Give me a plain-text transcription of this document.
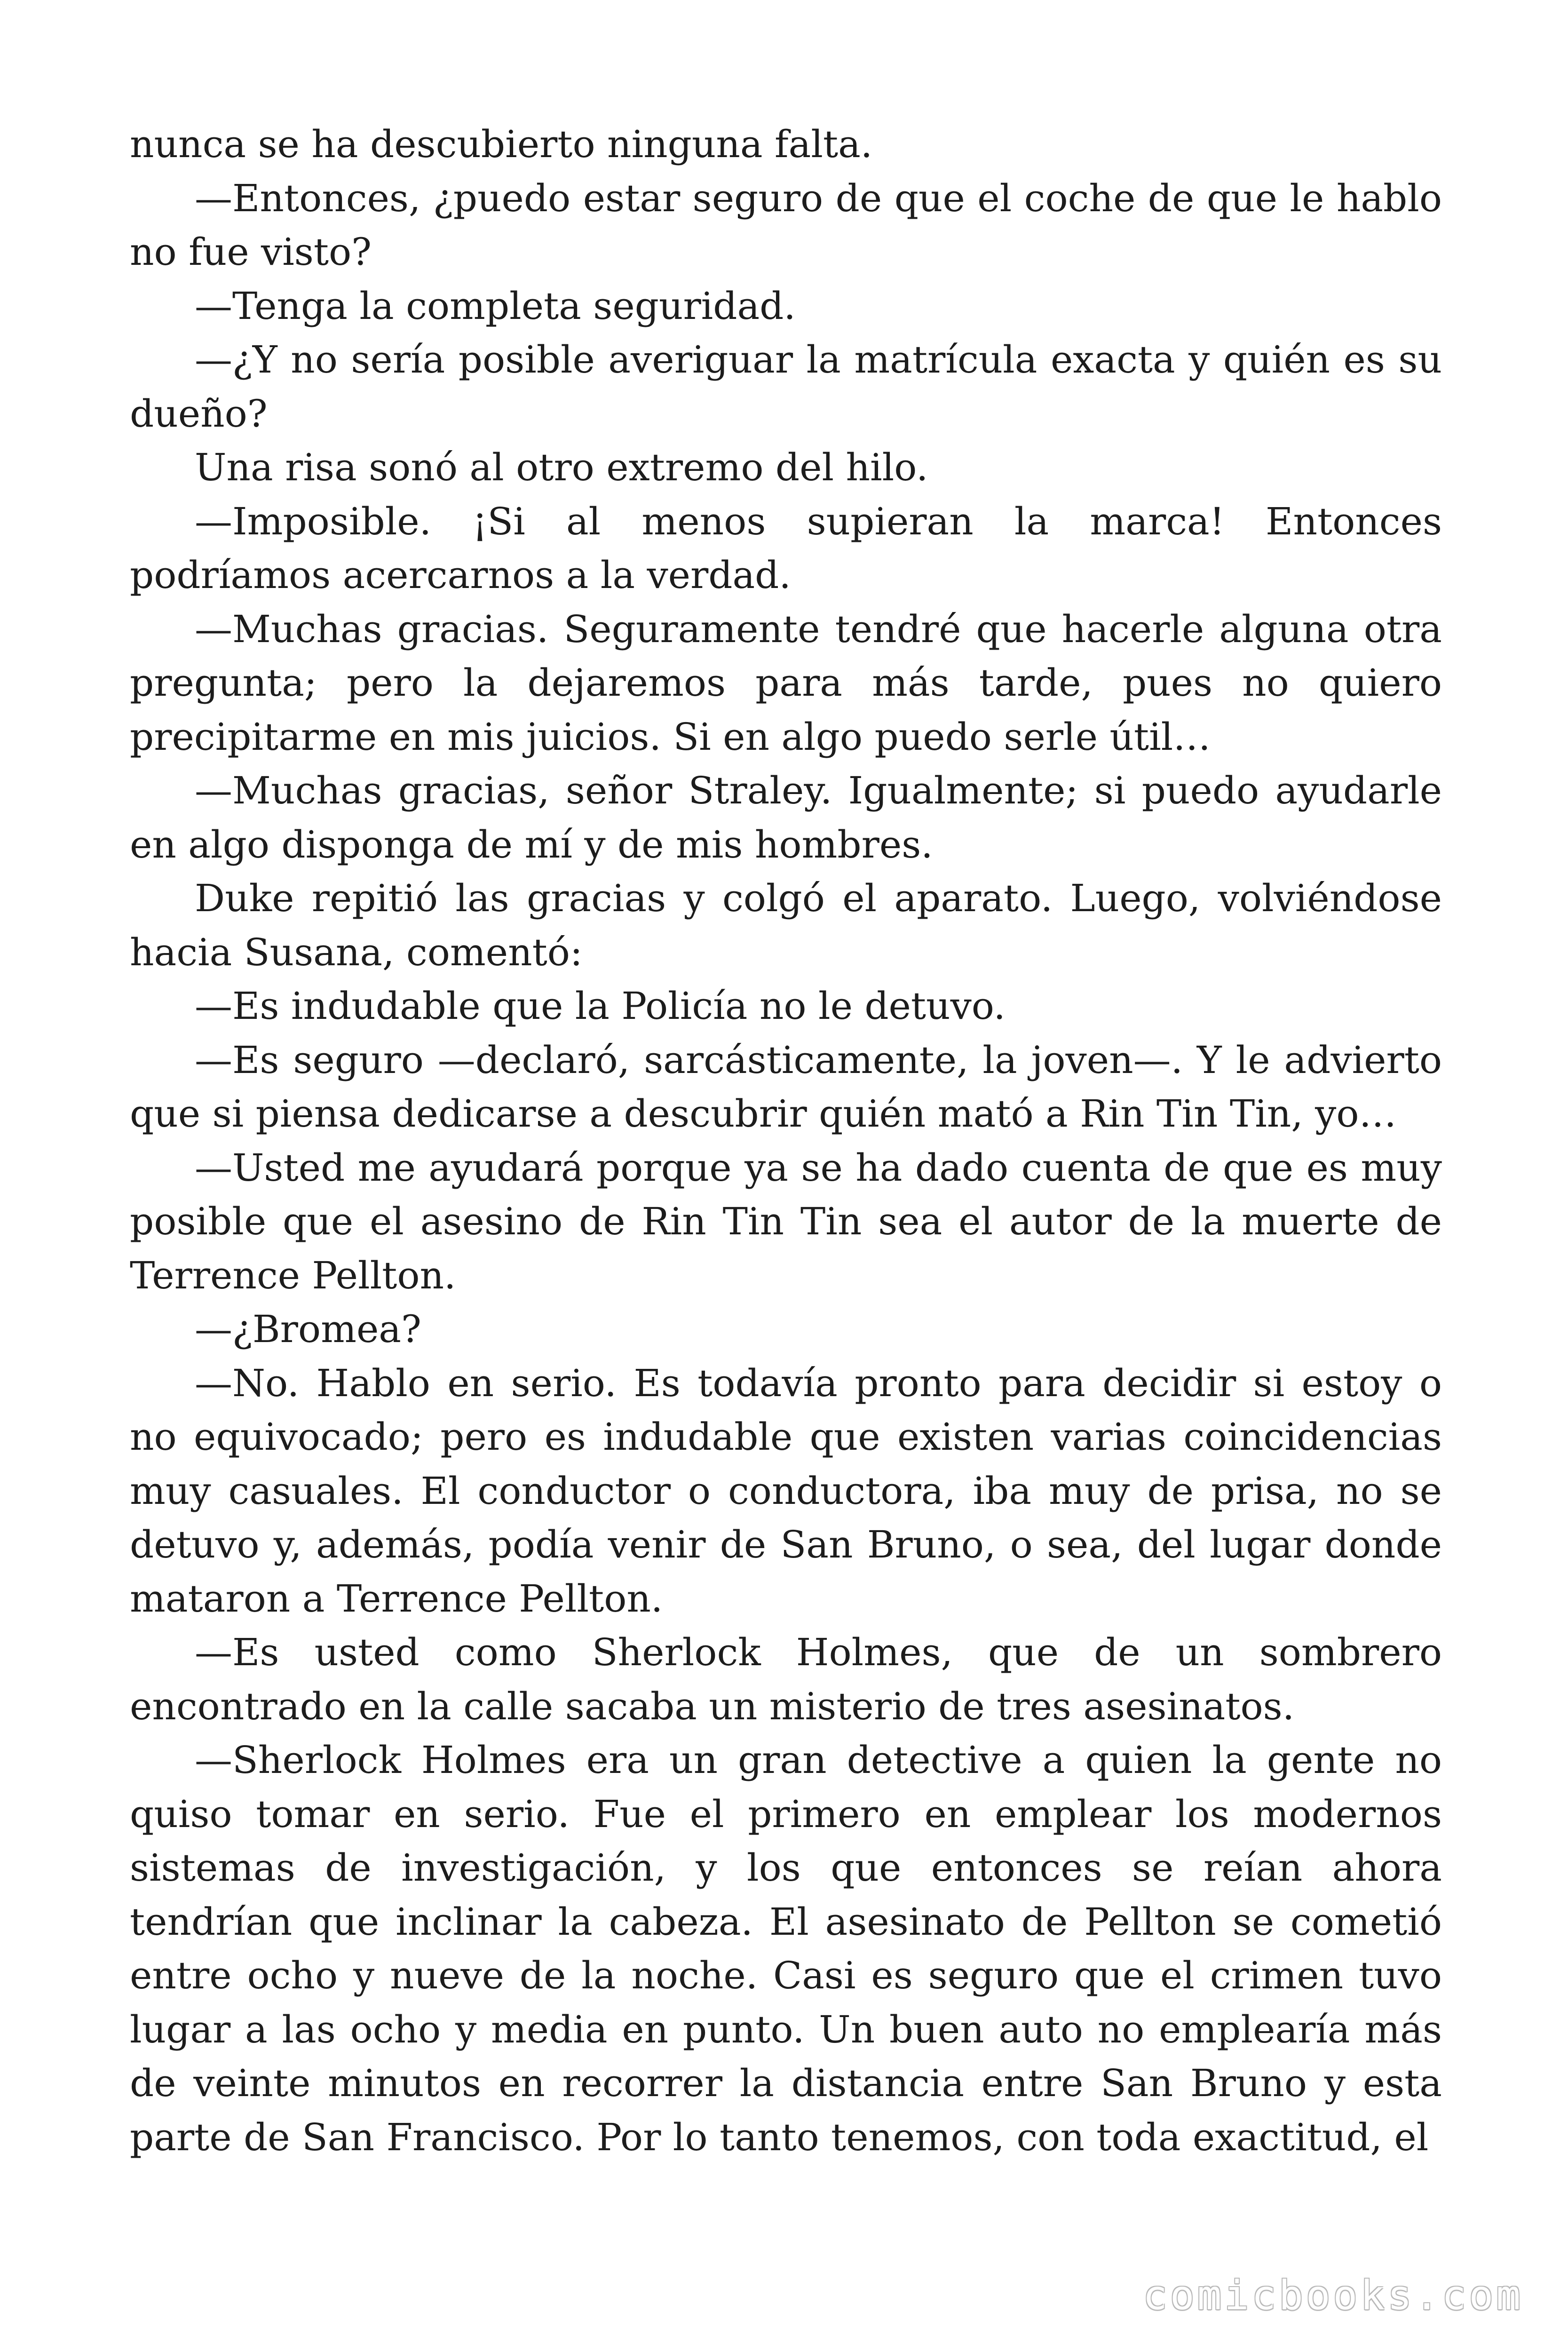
nunca se ha descubierto ninguna falta.

—Entonces, ¿puedo estar seguro de que el coche de que le hablo no fue visto?

—Tenga la completa seguridad.

—¿Y no sería posible averiguar la matrícula exacta y quién es su dueño?

Una risa sonó al otro extremo del hilo.

—Imposible. ¡Si al menos supieran la marca! Entonces podríamos acercarnos a la verdad.

—Muchas gracias. Seguramente tendré que hacerle alguna otra pregunta; pero la dejaremos para más tarde, pues no quiero precipitarme en mis juicios. Si en algo puedo serle útil…

—Muchas gracias, señor Straley. Igualmente; si puedo ayudarle en algo disponga de mí y de mis hombres.

Duke repitió las gracias y colgó el aparato. Luego, volviéndose hacia Susana, comentó:

—Es indudable que la Policía no le detuvo.

—Es seguro —declaró, sarcásticamente, la joven—. Y le advierto que si piensa dedicarse a descubrir quién mató a Rin Tin Tin, yo…

—Usted me ayudará porque ya se ha dado cuenta de que es muy posible que el asesino de Rin Tin Tin sea el autor de la muerte de Terrence Pellton.

—¿Bromea?

—No. Hablo en serio. Es todavía pronto para decidir si estoy o no equivocado; pero es indudable que existen varias coincidencias muy casuales. El conductor o conductora, iba muy de prisa, no se detuvo y, además, podía venir de San Bruno, o sea, del lugar donde mataron a Terrence Pellton.

—Es usted como Sherlock Holmes, que de un sombrero encontrado en la calle sacaba un misterio de tres asesinatos.

—Sherlock Holmes era un gran detective a quien la gente no quiso tomar en serio. Fue el primero en emplear los modernos sistemas de investigación, y los que entonces se reían ahora tendrían que inclinar la cabeza. El asesinato de Pellton se cometió entre ocho y nueve de la noche. Casi es seguro que el crimen tuvo lugar a las ocho y media en punto. Un buen auto no emplearía más de veinte minutos en recorrer la distancia entre San Bruno y esta parte de San Francisco. Por lo tanto tenemos, con toda exactitud, el

comicbooks.com
